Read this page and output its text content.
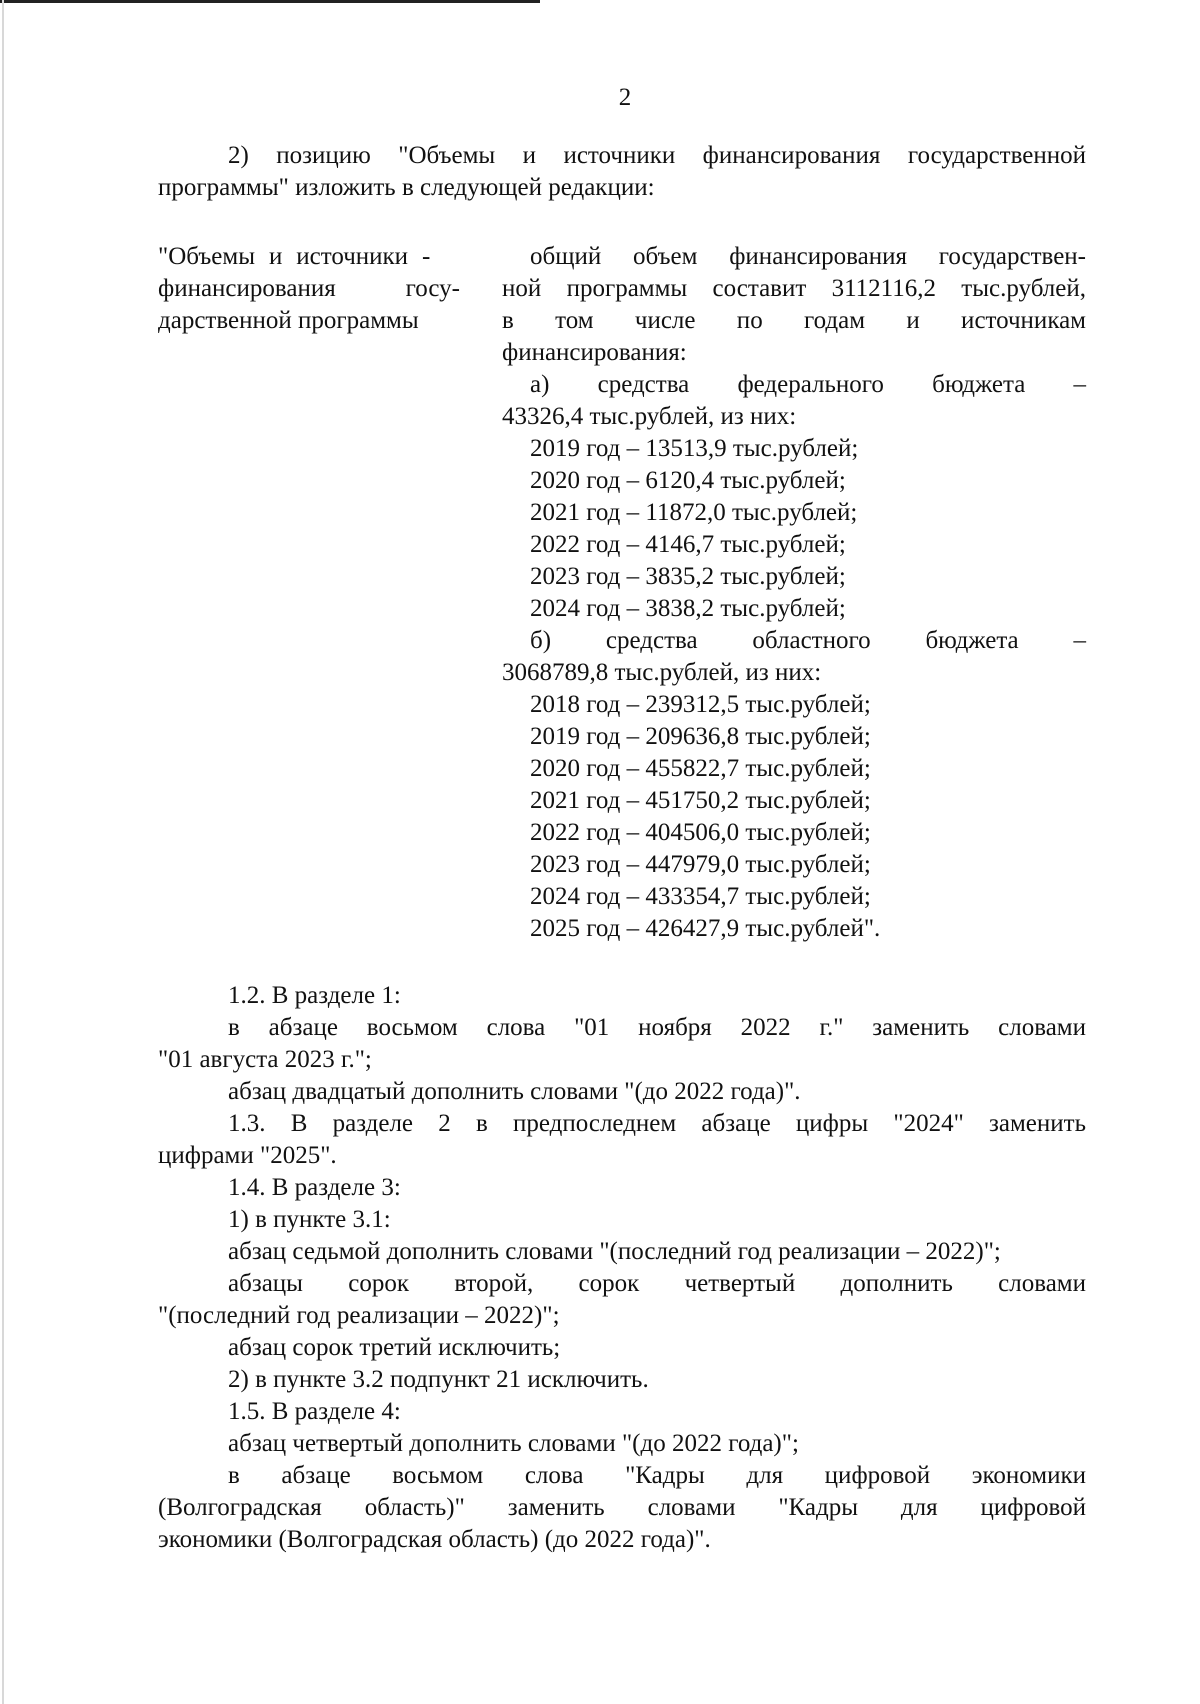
2

2) позицию "Объемы и источники финансирования государственной

программы" изложить в следующей редакции:

"Объемы и источники -
финансирования госу-
дарственной программы
общий объем финансирования государствен-
ной программы составит 3112116,2 тыс.рублей,
в том числе по годам и источникам
финансирования:
а) средства федерального бюджета –
43326,4 тыс.рублей, из них:
2019 год – 13513,9 тыс.рублей;
2020 год – 6120,4 тыс.рублей;
2021 год – 11872,0 тыс.рублей;
2022 год – 4146,7 тыс.рублей;
2023 год – 3835,2 тыс.рублей;
2024 год – 3838,2 тыс.рублей;
б) средства областного бюджета –
3068789,8 тыс.рублей, из них:
2018 год – 239312,5 тыс.рублей;
2019 год – 209636,8 тыс.рублей;
2020 год – 455822,7 тыс.рублей;
2021 год – 451750,2 тыс.рублей;
2022 год – 404506,0 тыс.рублей;
2023 год – 447979,0 тыс.рублей;
2024 год – 433354,7 тыс.рублей;
2025 год – 426427,9 тыс.рублей".
1.2. В разделе 1:
в абзаце восьмом слова "01 ноября 2022 г." заменить словами
"01 августа 2023 г.";
абзац двадцатый дополнить словами "(до 2022 года)".
1.3. В разделе 2 в предпоследнем абзаце цифры "2024" заменить
цифрами "2025".
1.4. В разделе 3:
1) в пункте 3.1:
абзац седьмой дополнить словами "(последний год реализации – 2022)";
абзацы сорок второй, сорок четвертый дополнить словами
"(последний год реализации – 2022)";
абзац сорок третий исключить;
2) в пункте 3.2 подпункт 21 исключить.
1.5. В разделе 4:
абзац четвертый дополнить словами "(до 2022 года)";
в абзаце восьмом слова "Кадры для цифровой экономики
(Волгоградская область)" заменить словами "Кадры для цифровой
экономики (Волгоградская область) (до 2022 года)".
